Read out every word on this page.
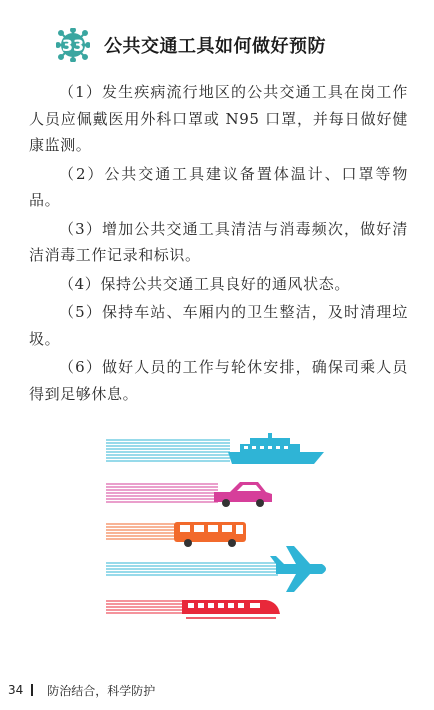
33	公共交通工具如何做好预防

（1）发生疾病流行地区的公共交通工具在岗工作人员应佩戴医用外科口罩或 N95 口罩，并每日做好健康监测。

（2）公共交通工具建议备置体温计、口罩等物品。

（3）增加公共交通工具清洁与消毒频次，做好清洁消毒工作记录和标识。

（4）保持公共交通工具良好的通风状态。

（5）保持车站、车厢内的卫生整洁，及时清理垃圾。

（6）做好人员的工作与轮休安排，确保司乘人员得到足够休息。

34 防治结合，科学防护
